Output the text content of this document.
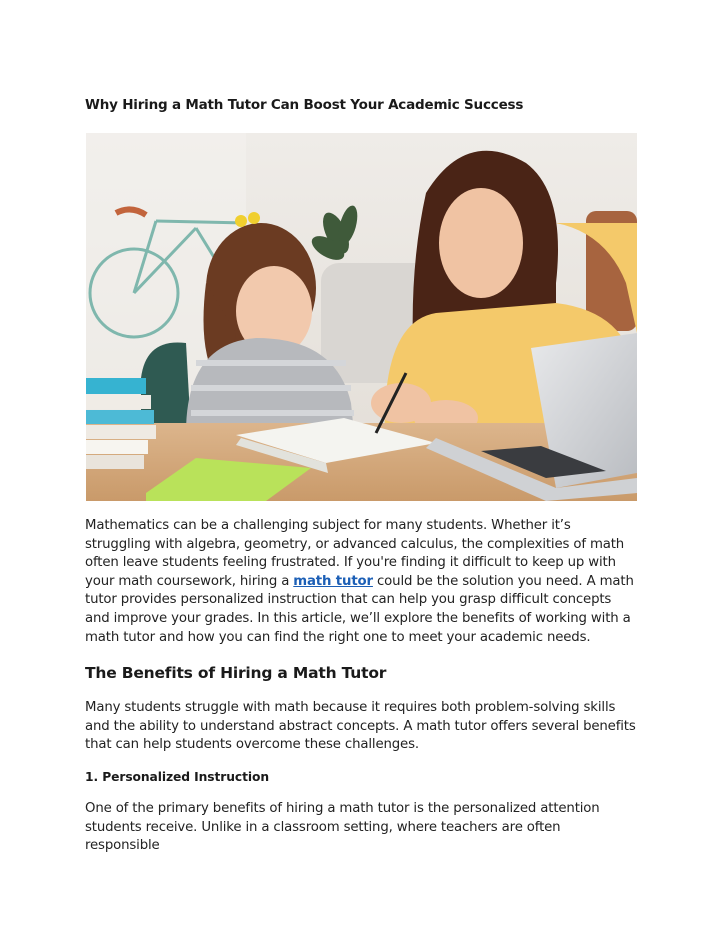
Why Hiring a Math Tutor Can Boost Your Academic Success

Mathematics can be a challenging subject for many students. Whether it’s struggling with algebra, geometry, or advanced calculus, the complexities of math often leave students feeling frustrated. If you're finding it difficult to keep up with your math coursework, hiring a math tutor could be the solution you need. A math tutor provides personalized instruction that can help you grasp difficult concepts and improve your grades. In this article, we’ll explore the benefits of working with a math tutor and how you can find the right one to meet your academic needs.

The Benefits of Hiring a Math Tutor

Many students struggle with math because it requires both problem-solving skills and the ability to understand abstract concepts. A math tutor offers several benefits that can help students overcome these challenges.

1. Personalized Instruction

One of the primary benefits of hiring a math tutor is the personalized attention students receive. Unlike in a classroom setting, where teachers are often responsible
